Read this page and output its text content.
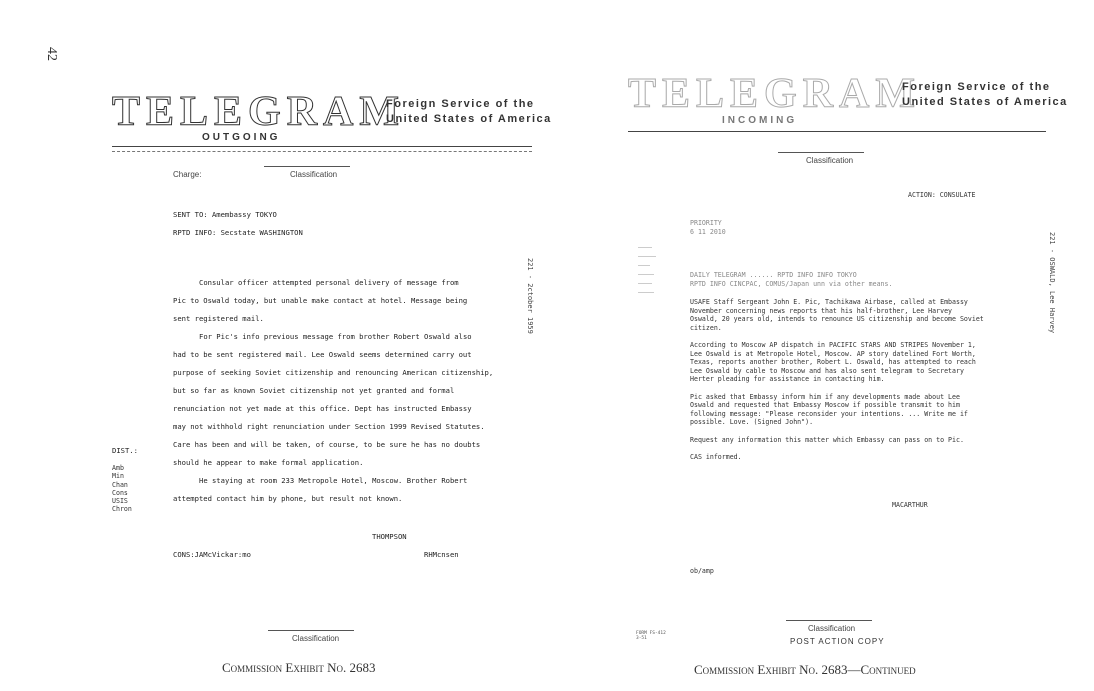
42
TELEGRAM
Foreign Service of the
United States of America
OUTGOING
Charge:	Classification
SENT TO: Amembassy TOKYO
RPTD INFO: Secstate WASHINGTON
221 - 2ctober 1959
Consular officer attempted personal delivery of message from
Pic to Oswald today, but unable make contact at hotel. Message being
sent registered mail.
For Pic's info previous message from brother Robert Oswald also
had to be sent registered mail. Lee Oswald seems determined carry out
purpose of seeking Soviet citizenship and renouncing American citizenship,
but so far as known Soviet citizenship not yet granted and formal
renunciation not yet made at this office. Dept has instructed Embassy
may not withhold right renunciation under Section 1999 Revised Statutes.
Care has been and will be taken, of course, to be sure he has no doubts
should he appear to make formal application.
He staying at room 233 Metropole Hotel, Moscow. Brother Robert
attempted contact him by phone, but result not known.
DIST.:
Amb
Min
Chan
Cons
USIS
Chron
THOMPSON
CONS:JAMcVickar:mo	RHMcnsen
Classification
Commission Exhibit No. 2683
TELEGRAM
Foreign Service of the
United States of America
INCOMING
Classification
ACTION: CONSULATE
PRIORITY
6 11 2010
221 - OSWALD, Lee Harvey
DAILY TELEGRAM ...... RPTD INFO INFO TOKYO
RPTD INFO CINCPAC, COMUS/Japan unn via other means.
USAFE Staff Sergeant John E. Pic, Tachikawa Airbase, called at Embassy
November concerning news reports that his half-brother, Lee Harvey
Oswald, 20 years old, intends to renounce US citizenship and become Soviet
citizen.
According to Moscow AP dispatch in PACIFIC STARS AND STRIPES November 1,
Lee Oswald is at Metropole Hotel, Moscow. AP story datelined Fort Worth,
Texas, reports another brother, Robert L. Oswald, has attempted to reach
Lee Oswald by cable to Moscow and has also sent telegram to Secretary
Herter pleading for assistance in contacting him.
Pic asked that Embassy inform him if any developments made about Lee
Oswald and requested that Embassy Moscow if possible transmit to him
following message: "Please reconsider your intentions. ... Write me if
possible. Love. (Signed John").
Request any information this matter which Embassy can pass on to Pic.
CAS informed.
MACARTHUR
ob/amp
FORM FS-412
3-51
Classification
POST ACTION COPY
Commission Exhibit No. 2683—Continued
